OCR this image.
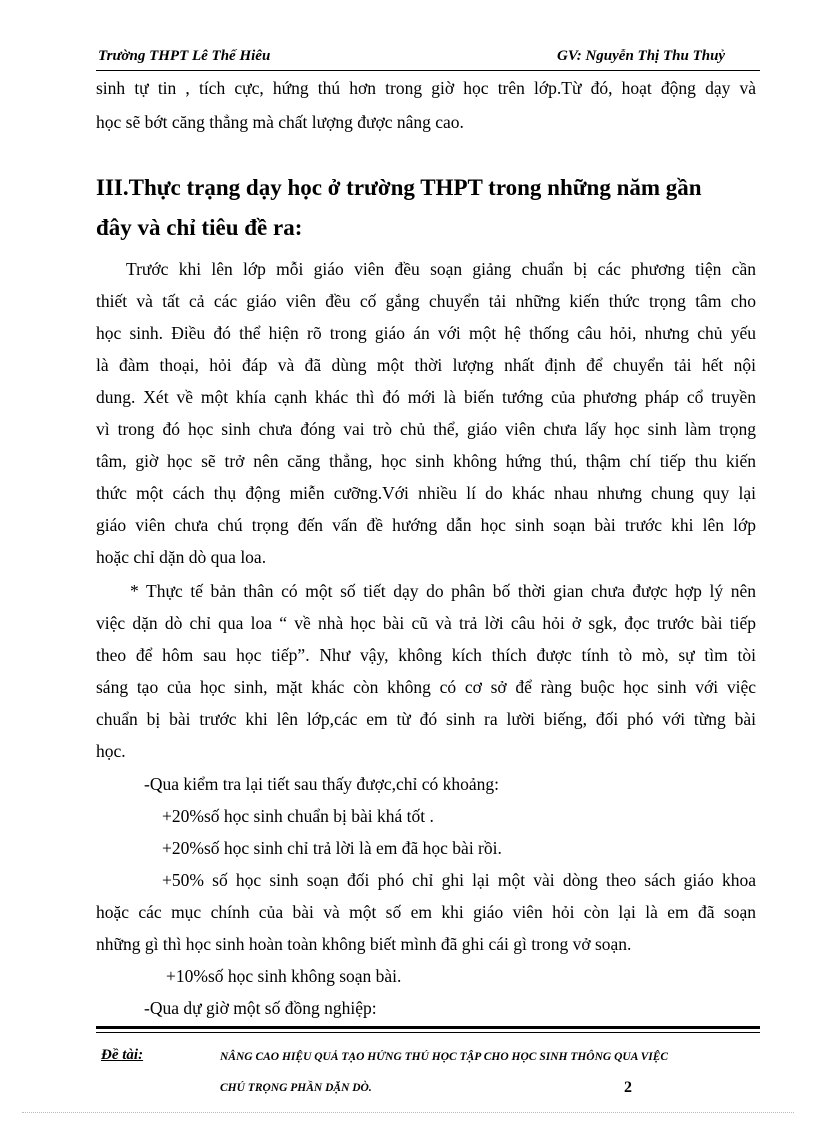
Trường THPT Lê Thế Hiêu	GV: Nguyễn Thị Thu Thuỷ
sinh tự tin , tích cực, hứng thú hơn trong giờ học trên lớp.Từ đó, hoạt động dạy và
học sẽ bớt căng thẳng mà chất lượng được nâng cao.
III.Thực trạng dạy học ở trường THPT trong những năm gần
đây và chỉ tiêu đề ra:
Trước khi lên lớp mỗi giáo viên đều soạn giảng chuẩn bị các phương tiện cần
thiết và tất cả các giáo viên đều cố gắng chuyển tải những kiến thức trọng tâm cho
học sinh. Điều đó thể hiện rõ trong giáo án với một hệ thống câu hỏi, nhưng chủ yếu
là đàm thoại, hỏi đáp và đã dùng một thời lượng nhất định để chuyển tải hết nội
dung. Xét về một khía cạnh khác thì đó mới là biến tướng của phương pháp cổ truyền
vì trong đó học sinh chưa đóng vai trò chủ thể, giáo viên chưa lấy học sinh làm trọng
tâm, giờ học sẽ trở nên căng thẳng, học sinh không hứng thú, thậm chí tiếp thu kiến
thức một cách thụ động miễn cưỡng.Với nhiều lí do khác nhau nhưng chung quy lại
giáo viên chưa chú trọng đến vấn đề hướng dẫn học sinh soạn bài trước khi lên lớp
hoặc chỉ dặn dò qua loa.
* Thực tế bản thân có một số tiết dạy do phân bố thời gian chưa được hợp lý nên
việc dặn dò chỉ qua loa “ về nhà học bài cũ và trả lời câu hỏi ở sgk, đọc trước bài tiếp
theo để hôm sau học tiếp”. Như vậy, không kích thích được tính tò mò, sự tìm tòi
sáng tạo của học sinh, mặt khác còn không có cơ sở để ràng buộc học sinh với việc
chuẩn bị bài trước khi lên lớp,các em từ đó sinh ra lười biếng, đối phó với từng bài
học.
-Qua kiểm tra lại tiết sau thấy được,chỉ có khoảng:
+20%số học sinh chuẩn bị bài khá tốt .
+20%số học sinh chỉ trả lời là em đã học bài rồi.
+50% số học sinh soạn đối phó chỉ ghi lại một vài dòng theo sách giáo khoa
hoặc các mục chính của bài và một số em khi giáo viên hỏi còn lại là em đã soạn
những gì thì học sinh hoàn toàn không biết mình đã ghi cái gì trong vở soạn.
+10%số học sinh không soạn bài.
-Qua dự giờ một số đồng nghiệp:
Đề tài:	NÂNG CAO HIỆU QUẢ TẠO HỨNG THÚ HỌC TẬP CHO HỌC SINH THÔNG QUA VIỆC
CHÚ TRỌNG PHẦN DẶN DÒ.	2
